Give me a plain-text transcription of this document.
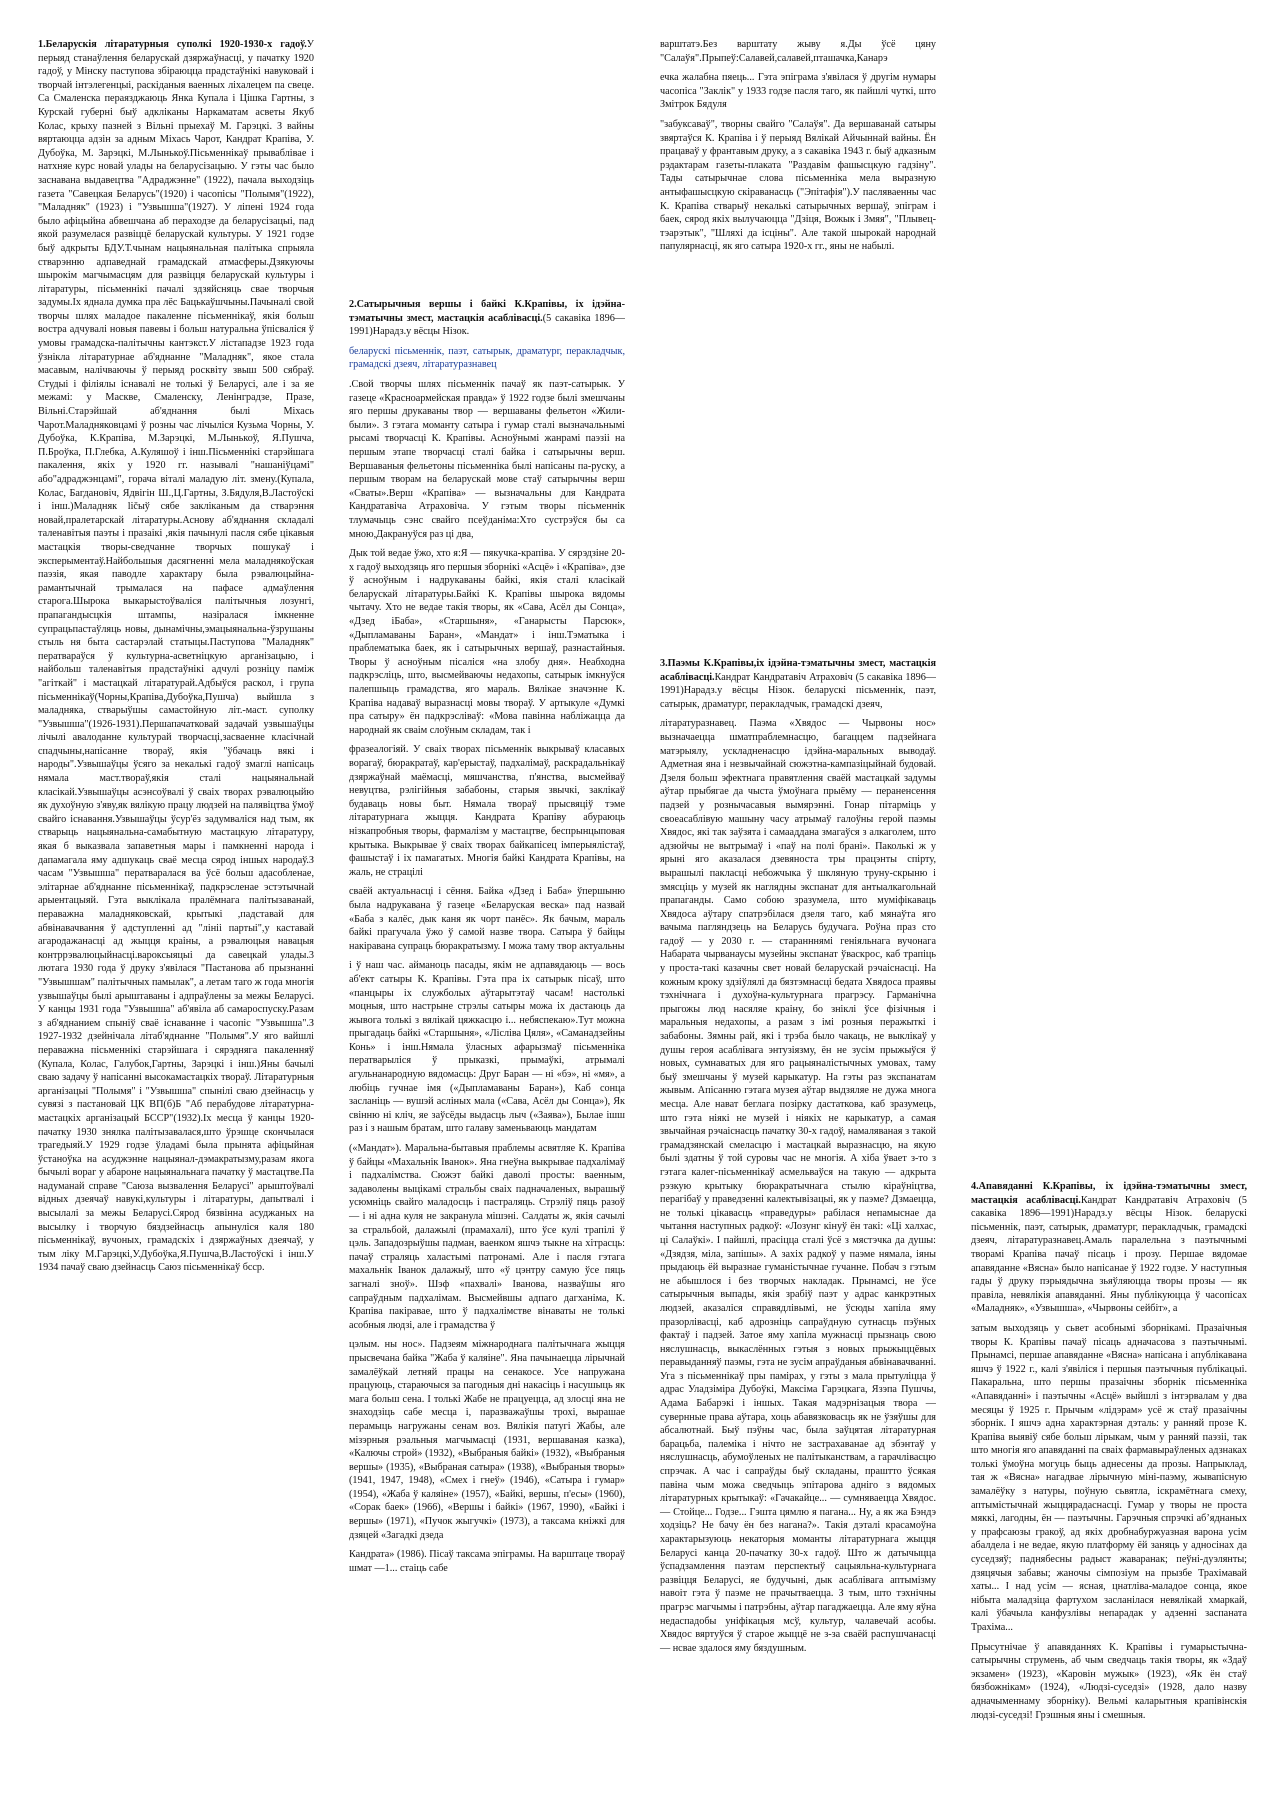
1.Беларускія літаратурныя суполкі 1920-1930-х гадоў.У перыяд станаўлення беларускай дзяржаўнасці, у пачатку 1920 гадоў, у Мінску паступова збіраюцца прадстаўнікі навуковай і творчай інтэлегенцыі, раскіданыя ваенных ліхалецем па свеце. Са Смаленска пераязджаюць Янка Купала і Цішка Гартны, з Курскай губерні быў адкліканы Наркаматам асветы Якуб Колас, крыху пазней з Вільні прыехаў М. Гарэцкі. З вайны вяртаюцца адзін за адным Міхась Чарот, Кандрат Крапіва, У. Дубоўка, М. Зарэцкі, М.Лынькоў.Пісьменнікаў прываблівае і натхняе курс новай улады на беларусізацыю. У гэты час было заснавана выдавецтва "Адраджэнне" (1922), пачала выходзіць газета "Савецкая Беларусь"(1920) і часопісы "Полымя"(1922), "Маладняк" (1923) і "Узвышша"(1927). У ліпені 1924 года было афіцыйна абвешчана аб пераходзе да беларусізацыі, пад якой разумелася развіццё беларускай культуры. У 1921 годзе быў адкрыты БДУ.Т.чынам нацыянальная палітыка спрыяла стварэнню адпаведнай грамадскай атмасферы.Дзякуючы шырокім магчымасцям для развіцця беларускай культуры і літаратуры, пісьменнікі пачалі здзяйсняць свае творчыя задумы.Іх яднала думка пра лёс Бацькаўшчыны.Пачыналі свой творчы шлях маладое пакаленне пісьменнікаў, якія больш востра адчувалі новыя павевы і больш натуральна ўпісваліся ў умовы грамадска-палітычны кантэкст.У лістападзе 1923 года ўзнікла літаратурнае аб'яднанне "Маладняк", якое стала масавым, налічваючы ў перыяд росквіту звыш 500 сябраў. Студыі і філіялы існавалі не толькі ў Беларусі, але і за яе межамі: у Маскве, Смаленску, Ленінградзе, Празе, Вільні.Старэйшай аб'яднання былі Міхась Чарот.Маладняковцамі ў розны час лічыліся Кузьма Чорны, У. Дубоўка, К.Крапіва, М.Зарэцкі, М.Лынькоў, Я.Пушча, П.Броўка, П.Глебка, А.Куляшоў і інш.Пісьменнікі старэйшага пакалення, якіх у 1920 гг. называлі "нашаніўцамі" або"адраджэнцамі", горача віталі маладую літ. змену.(Купала, Колас, Багдановіч, Ядвігін Ш.,Ц.Гартны, З.Бядуля,В.Ластоўскі і інш.)Маладняк ličыў сябе закліканым да стварэння новай,пралетарскай літаратуры.Аснову аб'яднання складалі таленавітыя паэты і празаікі ,якія пачынулі пасля сябе цікавыя мастацкія творы-сведчанне творчых пошукаў і эксперыментаў.Найбольшыя дасягненні мела маладнякоўская паэзія, якая паводле характару была рэвалюцыйна-рамантычнай трымалася на пафасе адмаўлення старога.Шырока выкарыстоўваліся палітычныя лозунгі, прапагандысцкія штампы, назіралася імкненне супрацьпастаўляць новы, дынамічны,эмацыянальна-ўзрушаны стыль ня быта састарэлай статыцы.Паступова "Маладняк" ператвараўся ў культурна-асветніцкую арганізацыю, і найбольш таленавітыя прадстаўнікі адчулі розніцу паміж "агіткай" і мастацкай літаратурай.Адбыўся раскол, і група пісьменнікаў(Чорны,Крапіва,Дубоўка,Пушча) выйшла з маладняка, стварыўшы самастойную літ.-маст. суполку "Узвышша"(1926-1931).Першапачатковай задачай узвышаўцы лічылі авалоданне культурай творчасці,засваенне класічнай спадчыны,напісанне твораў, якія "ўбачаць вякі і народы".Узвышаўцы ўсяго за некалькі гадоў змаглі напісаць нямала маст.твораў,якія сталі нацыянальнай класікай.Узвышаўцы асэнсоўвалі ў сваіх творах рэвалюцыйю як духоўную з'яву,як вялікую працу людзей на палявіцтва ўмоў свайго існавання.Узвышаўцы ўсур'ёз задумваліся над тым, як стварыць нацыянальна-самабытную мастацкую літаратуру, якая б выказвала запаветныя мары і памкненні народа і дапамагала яму адшукаць сваё месца сярод іншых народаў.З часам "Узвышша" ператваралася ва ўсё больш адасобленае, элітарнае аб'яднанне пісьменнікаў, падкрэсленае эстэтычнай арыентацыяй. Гэта выклікала пралёмнага палітызаванай, пераважна маладняковскай, крытыкі ,падставай для абвінавачвання ў адступленні ад "лініі партыі",у каставай агародажанасці ад жыцця краіны, а рэвалюцыя навацыя контррэвалюцыйнасці.вароксыяцыі да савецкай улады.3 лютага 1930 года ў друку з'явілася "Пастанова аб прызнанні "Узвышшам" палітычных памылак", а летам таго ж года многія узвышаўцы былі арыштаваны і адпраўлены за межы Беларусі. У канцы 1931 года "Узвышша" аб'явіла аб самароспуску.Разам з аб'яднанием спыніў сваё існаванне і часопіс "Узвышша".З 1927-1932 дзейнічала літаб'яднанне "Полымя".У яго вайшлі пераважна пісьменнікі старэйшага і сярэдняга пакаленняў (Купала, Колас, Галубок,Гартны, Зарэцкі і інш.)Яны бачылі сваю задачу ў напісанні высокамастацкіх твораў. Літаратурныя арганізацыі "Полымя" і "Узвышша" спынілі сваю дзейнасць у сувязі з пастановай ЦК ВП(б)Б "Аб перабудове літаратурна-мастацкіх арганізацый БССР"(1932).Іх месца ў канцы 1920-пачатку 1930 знялка палітызавалася,што ўрэшце скончылася трагедыяй.У 1929 годзе ўладамі была прынята афіцыйная ўстаноўка на асуджэнне нацыянал-дэмакратызму,разам якога бычылі вораг у абароне нацыянальнага пачатку ў мастацтве.Па надуманай справе "Саюза вызвалення Беларусі" арыштоўвалі відных дзеячаў навукі,культуры і літаратуры, дапытвалі і высылалі за межы Беларусі.Сярод бязвінна асуджаных на высылку і творчую бяздзейнасць апынуліся каля 180 пісьменнікаў, вучоных, грамадскіх і дзяржаўных дзеячаў, у тым ліку М.Гарэцкі,У.Дубоўка,Я.Пушча,В.Ластоўскі і інш.У 1934 пачаў сваю дзейнасць Саюз пісьменнікаў бсср.

2.Сатырычныя вершы і байкі К.Крапівы, іх ідэйна-тэматычны змест, мастацкія асаблівасці.(5 сакавіка 1896—1991)Нарадз.у вёсцы Нізок.

беларускі пісьменнік, паэт, сатырык, драматург, перакладчык, грамадскі дзеяч, літаратуразнавец

.Свой творчы шлях пісьменнік пачаў як паэт-сатырык. У газеце «Красноармейская правда» ў 1922 годзе былі змешчаны яго першы друкаваны твор — вершаваны фельетон «Жили-были». З гэтага моманту сатыра і гумар сталі вызначальнымі рысамі творчасці К. Крапівы. Асноўнымі жанрамі паэзіі на першым этапе творчасці сталі байка і сатырычны верш. Вершаваныя фельетоны пісьменніка былі напісаны па-руску, а першым творам на беларускай мове стаў сатырычны верш «Сваты».Верш «Крапіва» — вызначальны для Кандрата Кандратавіча Атраховіча. У гэтым творы пісьменнік тлумачыць сэнс свайго псеўданіма:Хто сустрэўся бы са мною,Дакрануўся раз ці два,

Дык той ведае ўжо, хто я:Я — пякучка-крапіва. У сярэдзіне 20-х гадоў выходзяць яго першыя зборнікі «Асцё» і «Крапіва», дзе ў асноўным і надрукаваны байкі, якія сталі класікай беларускай літаратуры.Байкі К. Крапівы шырока вядомы чытачу. Хто не ведае такія творы, як «Сава, Асёл ды Сонца», «Дзед іБаба», «Старшыня», «Ганарысты Парсюк», «Дыпламаваны Баран», «Мандат» і інш.Тэматыка і праблематыка баек, як і сатырычных вершаў, разнастайныя. Творы ў асноўным пісаліся «на злобу дня». Неабходна падкрэсліць, што, высмейваючы недахопы, сатырык імкнуўся палепшыць грамадства, яго мараль. Вялікае значэнне К. Крапіва надаваў выразнасці мовы твораў. У артыкуле «Думкі пра сатыру» ён падкрэсліваў: «Мова павінна набліжацца да народнай як сваім слоўным складам, так і

фразеалогіяй. У сваіх творах пісьменнік выкрываў класавых ворагаў, бюракратаў, кар'ерыстаў, падхалімаў, раскрадальнікаў дзяржаўнай маёмасці, мяшчанства, п'янства, высмейваў невуцтва, рэлігійныя забабоны, старыя звычкі, заклікаў будаваць новы быт. Нямала твораў прысвяціў тэме літаратурнага жыцця. Кандрата Крапіву абураюць нізкапробныя творы, фармалізм у мастацтве, беспрынцыповая крытыка. Выкрывае ў сваіх творах байкапісец імперыялістаў, фашыстаў і іх памагатых. Многія байкі Кандрата Крапівы, на жаль, не страцілі

сваёй актуальнасці і сёння. Байка «Дзед і Баба» ўпершыню была надрукавана ў газеце «Беларуская веска» пад назвай «Баба з калёс, дык каня як чорт панёс». Як бачым, мараль байкі прагучала ўжо ў самой назве твора. Сатыра ў байцы накіравана супраць бюракратызму. І можа таму твор актуальны

і ў наш час. айманоць пасады, якім не адпавядаюць — вось аб'ект сатыры К. Крапівы. Гэта пра іх сатырык пісаў, што «панцыры іх служболых аўтарытэтаў часам! настолькі моцныя, што настрыне стрэлы сатыры можа іх дастаюць да жывога толькі з вялікай цяжкасцю і... небяспекаю».Тут можна прыгадаць байкі «Старшыня», «Лісліва Цяля», «Саманадзейны Конь» і інш.Нямала ўласных афарызмаў пісьменніка ператварыліся ў прыказкі, прымаўкі, атрымалі агульнанародную вядомасць: Друг Баран — ні «бэ», ні «мя», а любіць гучнае імя («Дыпламаваны Баран»), Каб сонца засланіць — вушэй асліных мала («Сава, Асёл ды Сонца»), Як свінню ні кліч, яе заўсёды выдасць лыч («Заява»), Былае ішш раз і з нашым братам, што галаву заменьваюць мандатам

(«Мандат»). Маральна-бытавыя праблемы асвятляе К. Крапіва ў байцы «Махальнік Іванок». Яна гнеўна выкрывае падхалімаў і падхалімства. Сюжэт байкі даволі просты: ваенным, задаволены выцікамі стральбы сваіх падначаленых, вырашыў усюмніць свайго маладосць і пастраляць. Стрэліў пяць разоў — і ні адна куля не закранула мішэні. Салдаты ж, якія сачылі за стральбой, далажылі (прамахалі), што ўсе кулі трапілі ў цэль. Западозрыўшы падман, ваенком яшчэ тыкне на хітрасць: пачаў страляць халастымі патронамі. Але і пасля гэтага махальнік Іванок далажыў, што «ў цэнтру самую ўсе пяць загналі зноў». Шэф «пахвалі» Іванова, назваўшы яго сапраўдным падхалімам. Высмейвшы адпаго дагханіма, К. Крапіва пакіравае, што ў падхалімстве вінаваты не толькі асобныя людзі, але і грамадства ў

цэлым. ны нос». Падзеям міжнароднага палітычнага жыцця прысвечана байка "Жаба ў каляіне". Яна пачынаецца лірычнай замалёўкай летняй працы на сенакосе. Усе напружана працуюць, стараючыся за пагодныя дні накасіць і насушыць як мага больш сена. І толькі Жабе не працуецца, ад злосці яна не знаходзіць сабе месца і, паразважаўшы трохі, вырашае перамыць нагружаны сенам воз. Вялікія патугі Жабы, але мізэрныя рэальныя магчымасці (1931, вершаваная казка), «Калючы строй» (1932), «Выбраныя байкі» (1932), «Выбраныя вершы» (1935), «Выбраная сатыра» (1938), «Выбраныя творы» (1941, 1947, 1948), «Смех і гнеў» (1946), «Сатыра і гумар» (1954), «Жаба ў каляіне» (1957), «Байкі, вершы, п'есы» (1960), «Сорак баек» (1966), «Вершы і байкі» (1967, 1990), «Байкі і вершы» (1971), «Пучок жыгучкі» (1973), а таксама кніжкі для дзяцей «Загадкі дзеда

Кандрата» (1986). Пісаў таксама эпіграмы. На варштаце твораў шмат —1... стаіць сабе

варштатэ.Без варштату жыву я.Ды ўсё цяну "Салаўя".Прыпеў:Салавей,салавей,пташачка,Канарэ

ечка жалабна пяець... Гэта эпіграма з'явілася ў другім нумары часопіса "Заклік" у 1933 годзе пасля таго, як пайшлі чуткі, што Змітрок Бядуля

"забуксаваў", творны свайго "Салаўя". Да вершаванай сатыры звяртаўся К. Крапіва і ў перыяд Вялікай Айчыннай вайны. Ён працаваў у франтавым друку, а з сакавіка 1943 г. быў адказным рэдактарам газеты-плаката "Раздавім фашысцкую гадзіну". Тады сатырычнае слова пісьменніка мела выразную антыфашысцкую скіраванасць ("Эпітафія").У пасляваенны час К. Крапіва стварыў некалькі сатырычных вершаў, эпіграм і баек, сярод якіх вылучаюцца "Дзіця, Вожык і Змяя", "Плывец-тэарэтык", "Шляхі да ісціны". Але такой шырокай народнай папулярнасці, як яго сатыра 1920-х гг., яны не набылі.

3.Паэмы К.Крапівы,іх ідэйна-тэматычны змест, мастацкія асаблівасці.Кандрат Кандратавіч Атраховіч (5 сакавіка 1896—1991)Нарадз.у вёсцы Нізок. беларускі пісьменнік, паэт, сатырык, драматург, перакладчык, грамадскі дзеяч,

літаратуразнавец. Паэма «Хвядос — Чырвоны нос» вызначаецца шматпраблемнасцю, багаццем падзейнага матэрыялу, ускладненасцю ідэйна-маральных выводаў. Адметная яна і незвычайнай сюжэтна-кампазіцыйнай будовай. Дзеля больш эфектнага правятлення сваёй мастацкай задумы аўтар прыбягае да чыста ўмоўнага прыёму — пераненсення падзей у рознычасавыя вымярэнні. Гонар пітарміць у своеасаблівую машыну часу атрымаў галоўны герой паэмы Хвядос, які так заўзята і самааддана змагаўся з алкаголем, што адзюйчы не вытрымаў і «паў на полі бранi». Паколькі ж у ярыні яго аказалася дзевяноста тры працэнты спірту, вырашылі пакласці небожчыка ў шкляную труну-скрыню і змясціць у музей як наглядны экспанат для антыалкагольнай прапаганды. Само собою зразумела, што муміфікаваць Хвядоса аўтару спатрэбілася дзеля таго, каб мянаўта яго вачыма пагляндзець на Беларусь будучага. Роўна праз сто гадоў — у 2030 г. — старанннямі генiяльнага вучонага Набарата чырванаусы музейны экспанат ўваскрос, каб трапіць у проста-такі казачны свет новай беларускай рэчаіснасці. На кожным кроку здзіўлялі да бязтэмнасці бедата Хвядоса праявы тэхнічнага і духоўна-культурнага прагрэсу. Гарманічна прыгожы люд насяляе краіну, бо зніклі ўсе фізічныя і маральныя недахопы, а разам з імі розныя перажыткі і забабоны. Зямны рай, які і трэба было чакаць, не выклікаў у душы героя асаблівага энтузіязму, ён не зусім прыжыўся ў новых, сумнаватых для яго рацыяналістычных умовах, таму быў змешчаны ў музей карыкатур. На гэты раз экспанатам жывым. Апісанню гэтага музея аўтар выдзяляе не дужа многа месца. Але нават беглага позірку дастаткова, каб зразумець, што гэта ніякі не музей і нiякiх не карыкатур, а самая звычайная рэчаіснасць пачатку 30-х гадоў, намаляваная з такой грамадзянскай смеласцю і мастацкай выразнасцю, на якую былі здатны ў той суровы час не многія. А хіба ўвает з-то з гэтага калег-пісьменнікаў асмельваўся на такую — адкрыта рэзкую крытыку бюракратычнага стылю кіраўніцтва, перагібаў у праведзенні калектывізацыі, як у паэме? Дзмаецца, не толькі цікавасць «праведуры» рабілася непамыснае да чытання наступных радкоў: «Лозунг кінуў ён такі: «Ці халхас, ці Салаўкі». І пайшлі, прасіцца сталі ўсё з мястэчка да душы: «Дзядзя, міла, запішы». А захіх радкоў у паэме нямала, іяны прыдаюць ёй выразнае гуманістычнае гучанне. Побач з гэтым не абышлося і без творчых накладак. Прынамсі, не ўсе сатырычныя выпады, якія зрабіў паэт у адрас канкрэтных людзей, аказаліся справядлівымі, не ўсюды хапіла яму празорлівасці, каб адрозніць сапраўдную сутнасць пэўных фактаў і падзей. Затое яму хапіла мужнасці прызнаць свою няслушнасць, выкаслённых гэтыя з новых прыжыццёвых перавыданняў паэмы, гэта не зусім апраўданыя абвінавачванні. Уга з пісьменнікаў пры памірах, у гэты з мала прытуліцца ў адрас Уладзіміра Дубоўкі, Максіма Гарэцкага, Язэпа Пушчы, Адама Бабарэкі і іншых. Такая мадэрнізацыя твора — сувернные права аўтара, хоць абавязковасць як не ўзяўшы для абсалютнай. Быў пэўны час, была заўцятая літаратурная барацьба, палеміка і нічто не застрахаванае ад збэнтаў у няслушнасць, абумоўленых не палітыканствам, а гарачлівасцю спрэчак. А час і сапраўды быў складаны, праштто ўсякая павіна чым можа сведчыць эпітарова адніго з вядомых літаратурных крытыкаў: «Гачакайце... — сумняваецца Хвядос. — Стойце... Годзе... Гэшта цямлю я пагана... Ну, а як жа Бэндэ ходзіць? Не бачу ён без нагана?». Такія дэталі красамоўна характарызуюць некаторыя моманты літаратурнага жыцця Беларусі канца 20-пачатку 30-х гадоў. Што ж датычыцца ўспадзамлення паэтам перспектыў сацыяльна-культурнага развіцця Беларусі, яе будучыні, дык асаблівага аптымізму навоіт гэта ў паэме не прачытваецца. З тым, што тэхнічны прагрэс магчымы і патрэбны, аўтар пагаджаецца. Але яму яўна недаспадобы уніфікацыя мсў, культур, чалавечай асобы. Хвядос вяртуўся ў старое жыццё не з-за сваёй распушчанасці — нсвае здалося яму бяздушным.

4.Апавяданні К.Крапівы, іх ідэйна-тэматычны змест, мастацкія асаблівасці.Кандрат Кандратавіч Атраховіч (5 сакавіка 1896—1991)Нарадз.у вёсцы Нізок. беларускі пісьменнік, паэт, сатырык, драматург, перакладчык, грамадскі дзеяч, літаратуразнавец.Амаль паралельна з паэтычнымі творамі Крапіва пачаў пісаць і прозу. Першае вядомае апавяданне «Вясна» было напісанае ў 1922 годзе. У наступныя гады ў друку пэрыядычна зьяўляюцца творы прозы — як правіла, невялікія апавяданні. Яны публікуюцца ў часопісах «Маладняк», «Узвышша», «Чырвоны сейбіт», а

затым выходзяць у сьвет асобнымі зборнікамі. Празаічныя творы К. Крапівы пачаў пісаць адначасова з паэтычнымі. Прынамсі, першае апавяданне «Вясна» напісана і апублікавана яшчэ ў 1922 г., калі з'явіліся і першыя паэтычныя публікацыі. Пакаральна, што першы празаічны зборнік пісьменніка «Апавяданні» і паэтычны «Асцё» выйшлі з інтэрвалам у два месяцы ў 1925 г. Прычым «лідэрам» усё ж стаў празаічны зборнік. І яшчэ адна характэрная дэталь: у ранняй прозе К. Крапіва выявіў сябе больш лірыкам, чым у ранняй паэзіі, так што многія яго апавяданні па сваіх фармавыраўленых адзнаках толькі ўмоўна могуць быць аднесены да прозы. Напрыклад, тая ж «Вясна» нагадвае лірычную міні-паэму, жывапісную замалёўку з натуры, поўную сьвятла, іскрамётнага смеху, аптымістычнай жыццярадаснасці. Гумар у творы не проста мяккі, лагодны, ён — паэтычны. Гарэчныя спрэчкі абʼяднаных у прафсаюзы гракоў, ад якіх дробнабуржуазная варона усім абалдела і не ведае, якую платформу ёй заняць у адносінах да суседзяў; паднябесны радыст жаваранак; пеўні-дуэлянты; дзяцячыя забавы; жаночы сімпозіум на прызбе Трахімавай хаты... І над усім — ясная, цнатліва-маладое сонца, якое нібыта маладзіца фартухом засланілася невялікай хмаркай, калі ўбачыла канфузлівы непарадак у адзенні заспаната Трахіма...

Прысутнічае ў апавяданнях К. Крапівы і гумарыстычна-сатырычны струмень, аб чым сведчаць такія творы, як «Здаў экзамен» (1923), «Каровін мужык» (1923), «Як ён стаў бязбожнікам» (1924), «Людзі-суседзі» (1928, дало назву адначыменнаму зборніку). Вельмі каларытныя крапівінскія людзі-суседзі! Грэшныя яны і смешныя.
